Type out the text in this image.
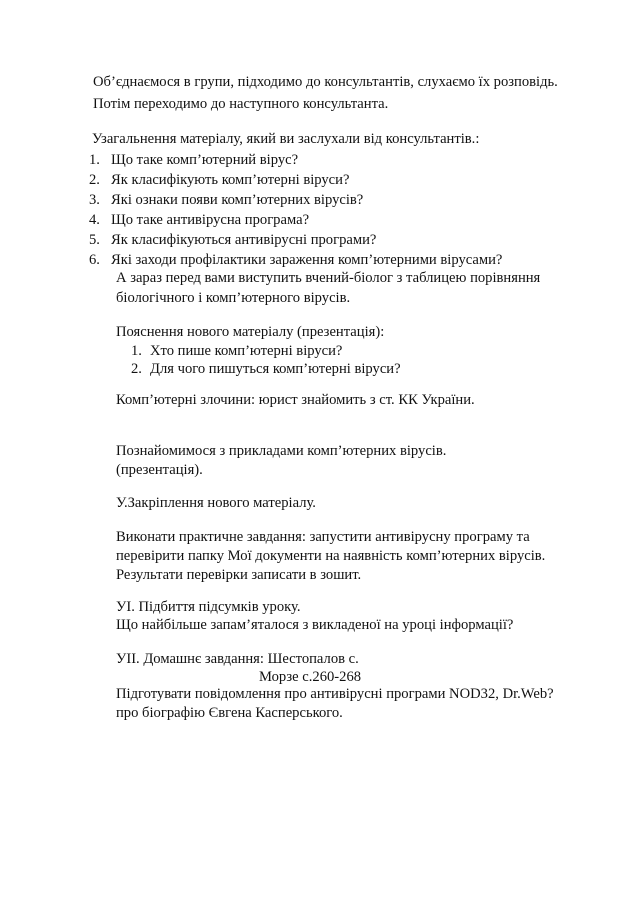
Об’єднаємося в групи, підходимо до консультантів, слухаємо їх розповідь.
Потім переходимо до наступного консультанта.
Узагальнення матеріалу, який ви заслухали від консультантів.:
1. Що таке комп’ютерний вірус?
2. Як класифікують комп’ютерні віруси?
3. Які ознаки появи комп’ютерних вірусів?
4. Що таке антивірусна програма?
5. Як класифікуються антивірусні програми?
6. Які заходи профілактики зараження комп’ютерними вірусами?
А зараз перед вами виступить вчений-біолог з таблицею порівняння
біологічного і комп’ютерного вірусів.
Пояснення нового матеріалу (презентація):
1. Хто пише комп’ютерні віруси?
2. Для чого пишуться комп’ютерні віруси?
Комп’ютерні злочини: юрист знайомить з ст. КК України.
Познайомимося з прикладами комп’ютерних вірусів.
(презентація).
У.Закріплення нового матеріалу.
Виконати практичне завдання: запустити антивірусну програму та
перевірити папку Мої документи на наявність комп’ютерних вірусів.
Результати перевірки записати в зошит.
УІ. Підбиття підсумків уроку.
Що найбільше запам’яталося з викладеної на уроці інформації?
УІІ. Домашнє завдання: Шестопалов с.
Морзе с.260-268
Підготувати повідомлення про антивірусні програми NOD32, Dr.Web?
про біографію Євгена Касперського.
